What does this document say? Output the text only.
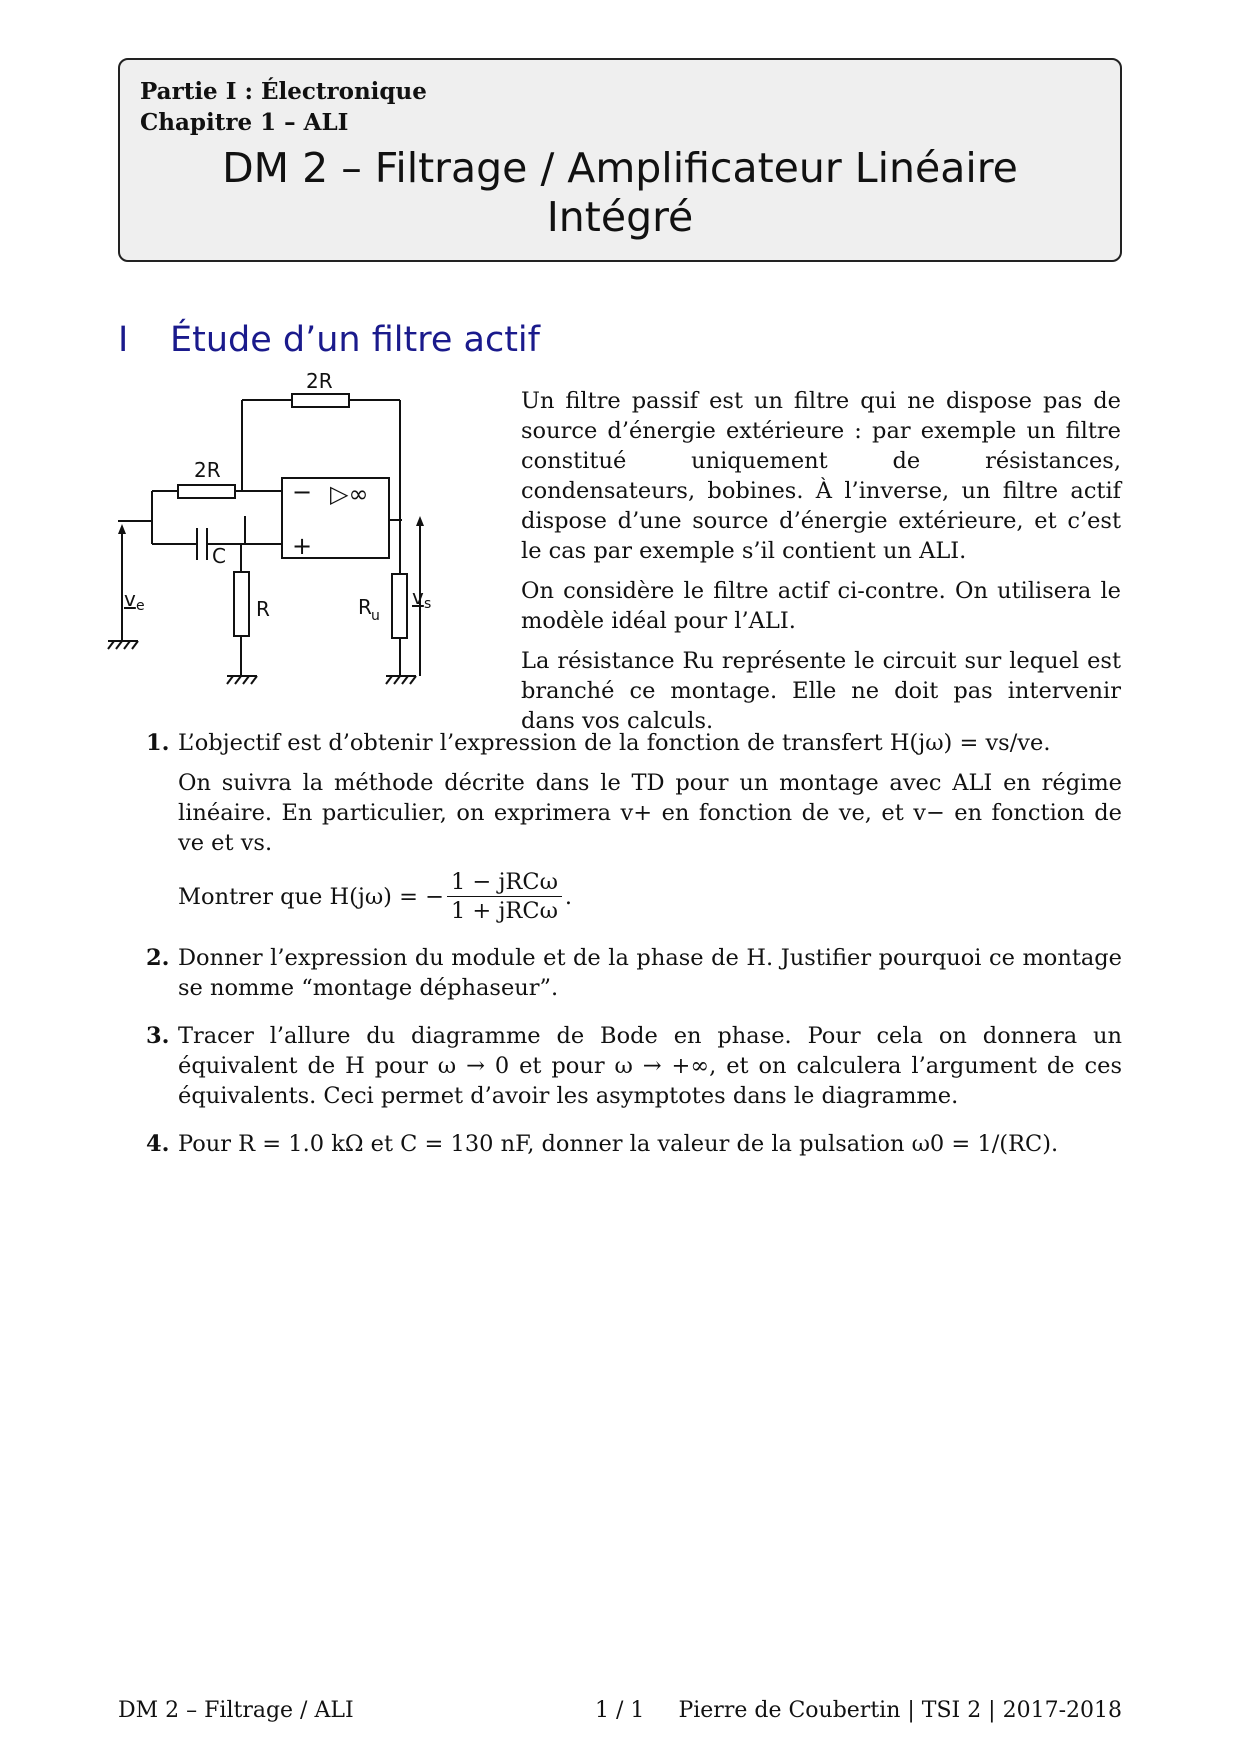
Partie I : Électronique
Chapitre 1 – ALI
DM 2 – Filtrage / Amplificateur Linéaire
Intégré
I Étude d’un filtre actif
2R
2R
C
R	R u
v e	v s
−
+
▷∞

Un filtre passif est un filtre qui ne dispose pas de source d’énergie extérieure : par exemple un filtre constitué uniquement de résistances, condensateurs, bobines. À l’inverse, un filtre actif dispose d’une source d’énergie extérieure, et c’est le cas par exemple s’il contient un ALI.

On considère le filtre actif ci-contre. On utilisera le modèle idéal pour l’ALI.

La résistance Ru représente le circuit sur lequel est branché ce montage. Elle ne doit pas intervenir dans vos calculs.

1. L’objectif est d’obtenir l’expression de la fonction de transfert H(jω) = vs/ve.

On suivra la méthode décrite dans le TD pour un montage avec ALI en régime linéaire. En particulier, on exprimera v+ en fonction de ve, et v− en fonction de ve et vs.

Montrer que H(jω) = − $\frac{\text{1 − jRCω}}{\text{1 + jRCω}}$ .
2. Donner l’expression du module et de la phase de H. Justifier pourquoi ce montage se nomme “montage déphaseur”.

3. Tracer l’allure du diagramme de Bode en phase. Pour cela on donnera un équivalent de H pour ω → 0 et pour ω → +∞, et on calculera l’argument de ces équivalents. Ceci permet d’avoir les asymptotes dans le diagramme.

4. Pour R = 1.0 kΩ et C = 130 nF, donner la valeur de la pulsation ω0 = 1/(RC).

DM 2 – Filtrage / ALI	1 / 1 Pierre de Coubertin | TSI 2 | 2017-2018
